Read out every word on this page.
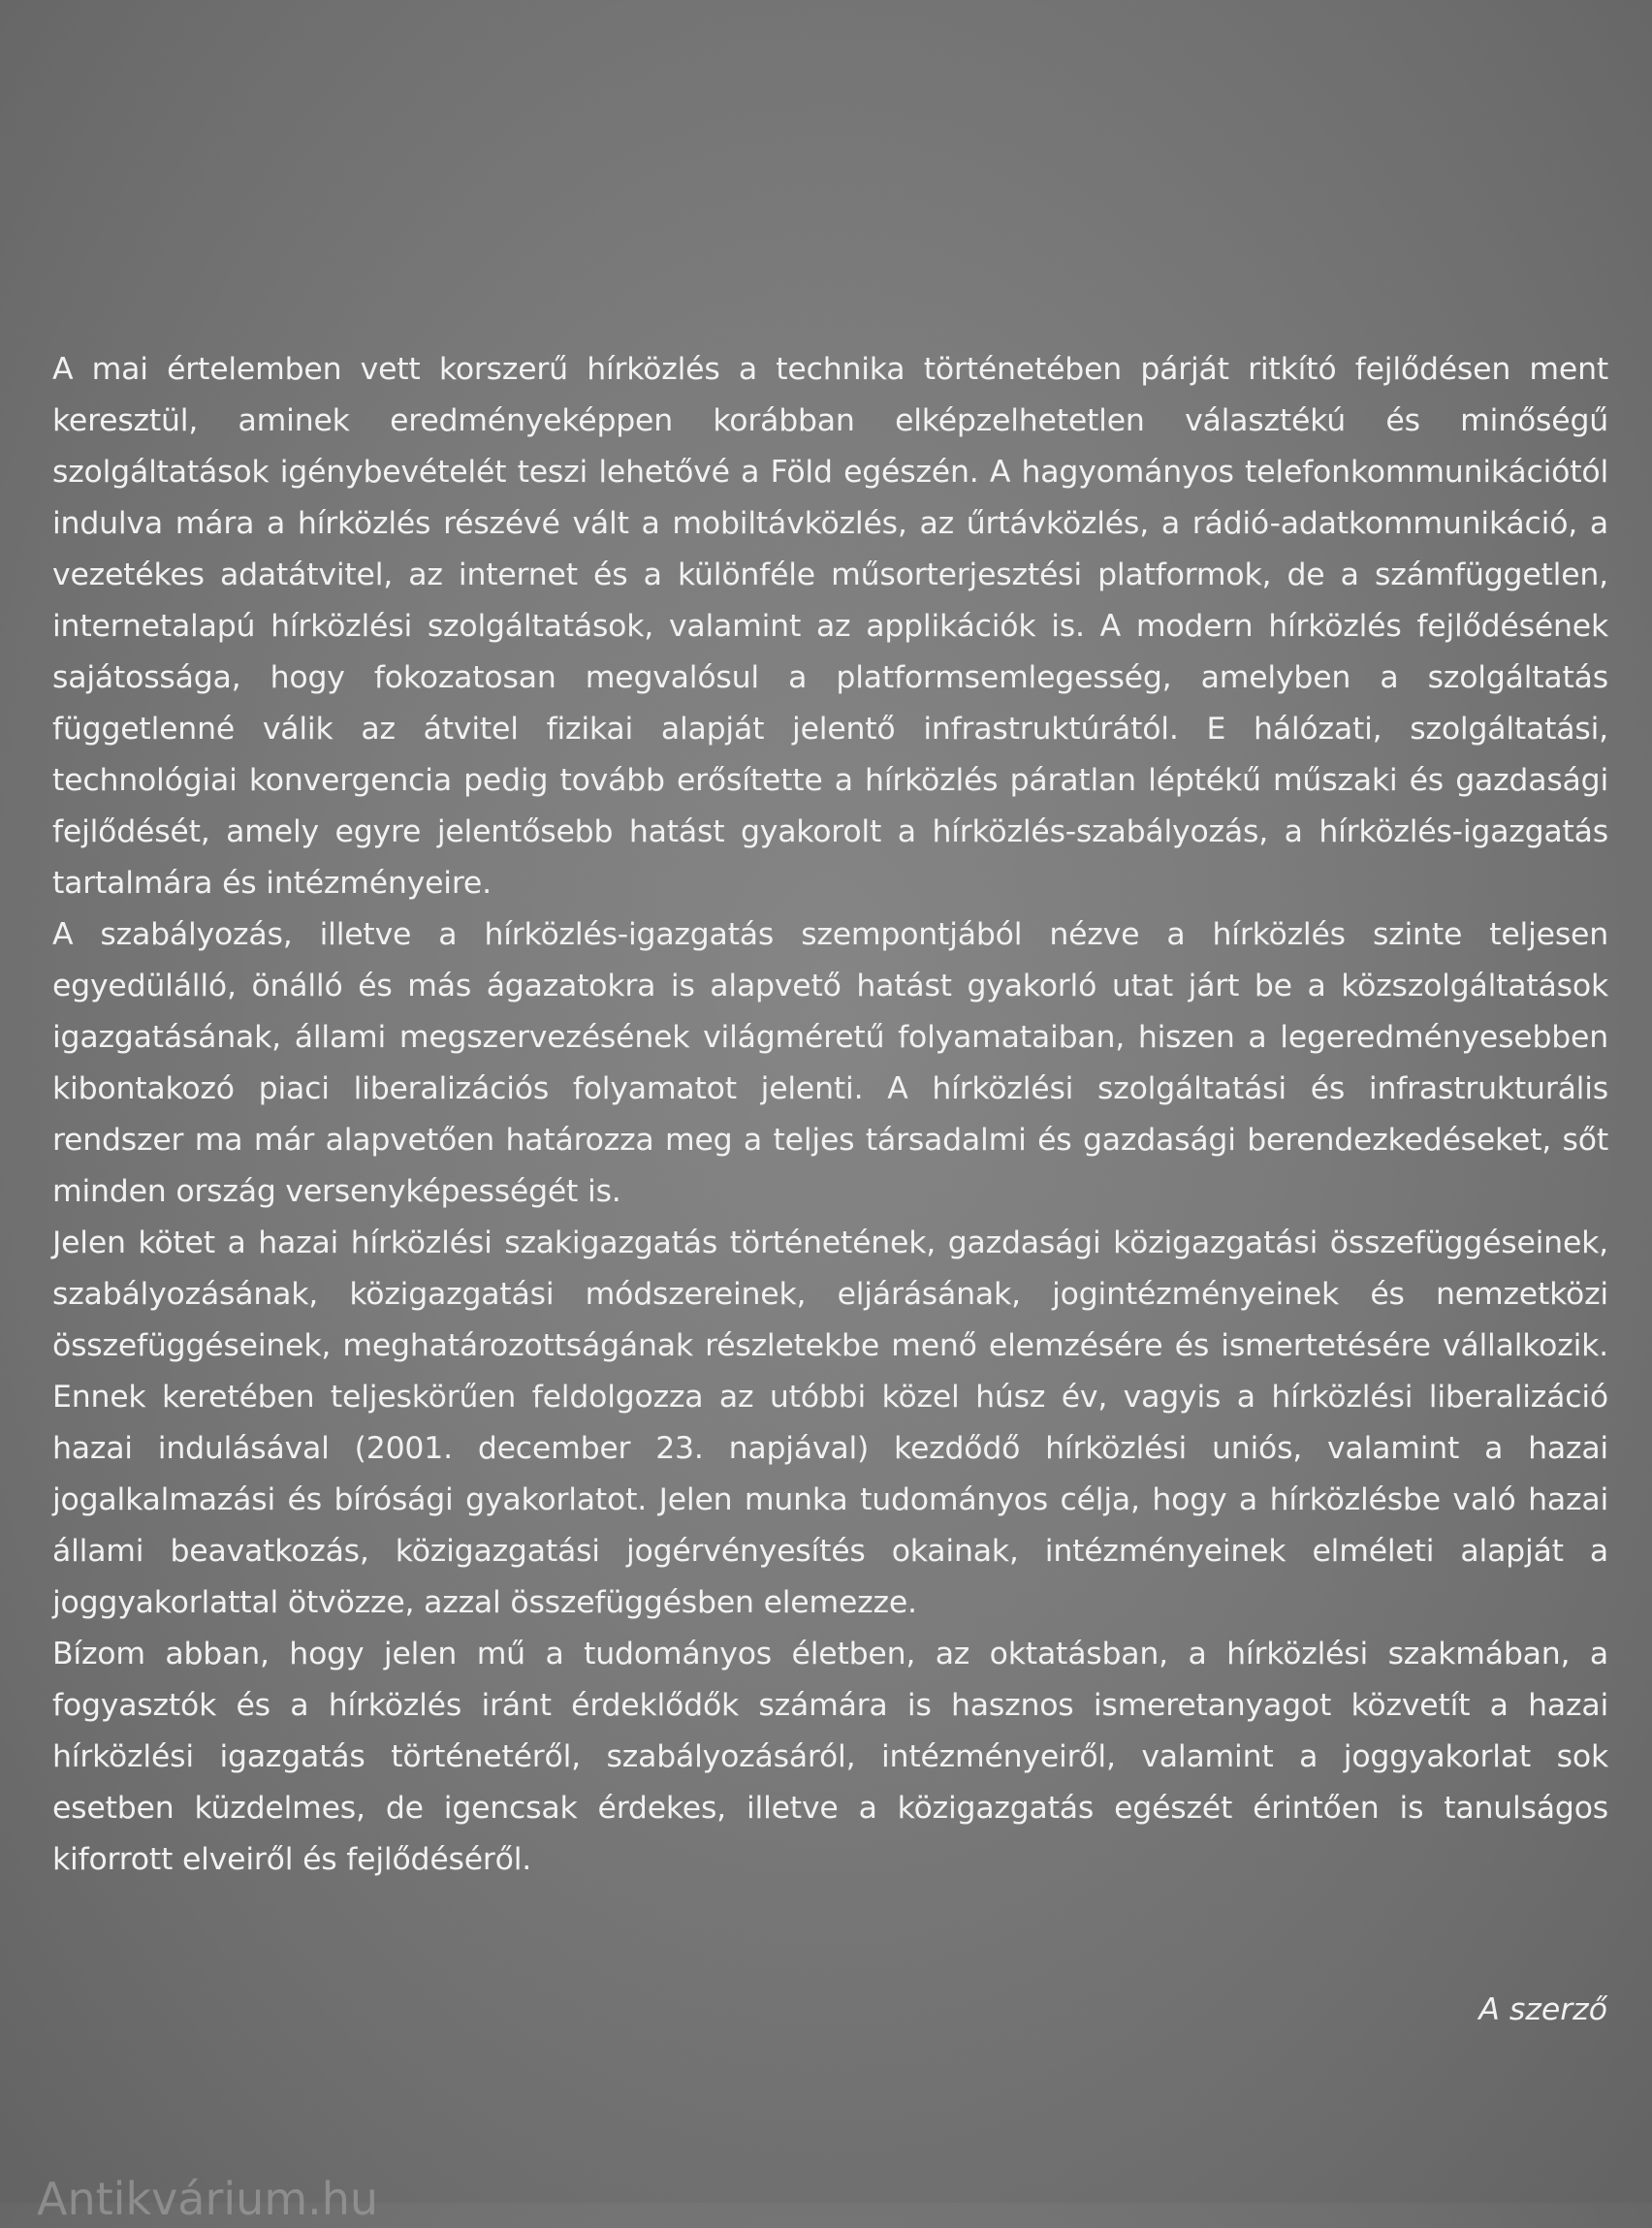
A mai értelemben vett korszerű hírközlés a technika történetében párját ritkító fejlődésen ment keresztül, aminek eredményeképpen korábban elképzelhetetlen választékú és minőségű szolgáltatások igénybevételét teszi lehetővé a Föld egészén. A hagyományos telefonkommunikációtól indulva mára a hírközlés részévé vált a mobiltávközlés, az űrtávközlés, a rádió-adatkommunikáció, a vezetékes adatátvitel, az internet és a különféle műsorterjesztési platformok, de a számfüggetlen, internetalapú hírközlési szolgáltatások, valamint az applikációk is. A modern hírközlés fejlődésének sajátossága, hogy fokozatosan megvalósul a platformsemlegesség, amelyben a szolgáltatás függetlenné válik az átvitel fizikai alapját jelentő infrastruktúrától. E hálózati, szolgáltatási, technológiai konvergencia pedig tovább erősítette a hírközlés páratlan léptékű műszaki és gazdasági fejlődését, amely egyre jelentősebb hatást gyakorolt a hírközlés-szabályozás, a hírközlés-igazgatás tartalmára és intézményeire.

A szabályozás, illetve a hírközlés-igazgatás szempontjából nézve a hírközlés szinte teljesen egyedülálló, önálló és más ágazatokra is alapvető hatást gyakorló utat járt be a közszolgáltatások igazgatásának, állami megszervezésének világméretű folyamataiban, hiszen a legeredményesebben kibontakozó piaci liberalizációs folyamatot jelenti. A hírközlési szolgáltatási és infrastrukturális rendszer ma már alapvetően határozza meg a teljes társadalmi és gazdasági berendezkedéseket, sőt minden ország versenyképességét is.

Jelen kötet a hazai hírközlési szakigazgatás történetének, gazdasági közigazgatási összefüggéseinek, szabályozásának, közigazgatási módszereinek, eljárásának, jogintézményeinek és nemzetközi összefüggéseinek, meghatározottságának részletekbe menő elemzésére és ismertetésére vállalkozik. Ennek keretében teljeskörűen feldolgozza az utóbbi közel húsz év, vagyis a hírközlési liberalizáció hazai indulásával (2001. december 23. napjával) kezdődő hírközlési uniós, valamint a hazai jogalkalmazási és bírósági gyakorlatot. Jelen munka tudományos célja, hogy a hírközlésbe való hazai állami beavatkozás, közigazgatási jogérvényesítés okainak, intézményeinek elméleti alapját a joggyakorlattal ötvözze, azzal összefüggésben elemezze.

Bízom abban, hogy jelen mű a tudományos életben, az oktatásban, a hírközlési szakmában, a fogyasztók és a hírközlés iránt érdeklődők számára is hasznos ismeretanyagot közvetít a hazai hírközlési igazgatás történetéről, szabályozásáról, intézményeiről, valamint a joggyakorlat sok esetben küzdelmes, de igencsak érdekes, illetve a közigazgatás egészét érintően is tanulságos kiforrott elveiről és fejlődéséről.

A szerző
Antikvárium.hu
